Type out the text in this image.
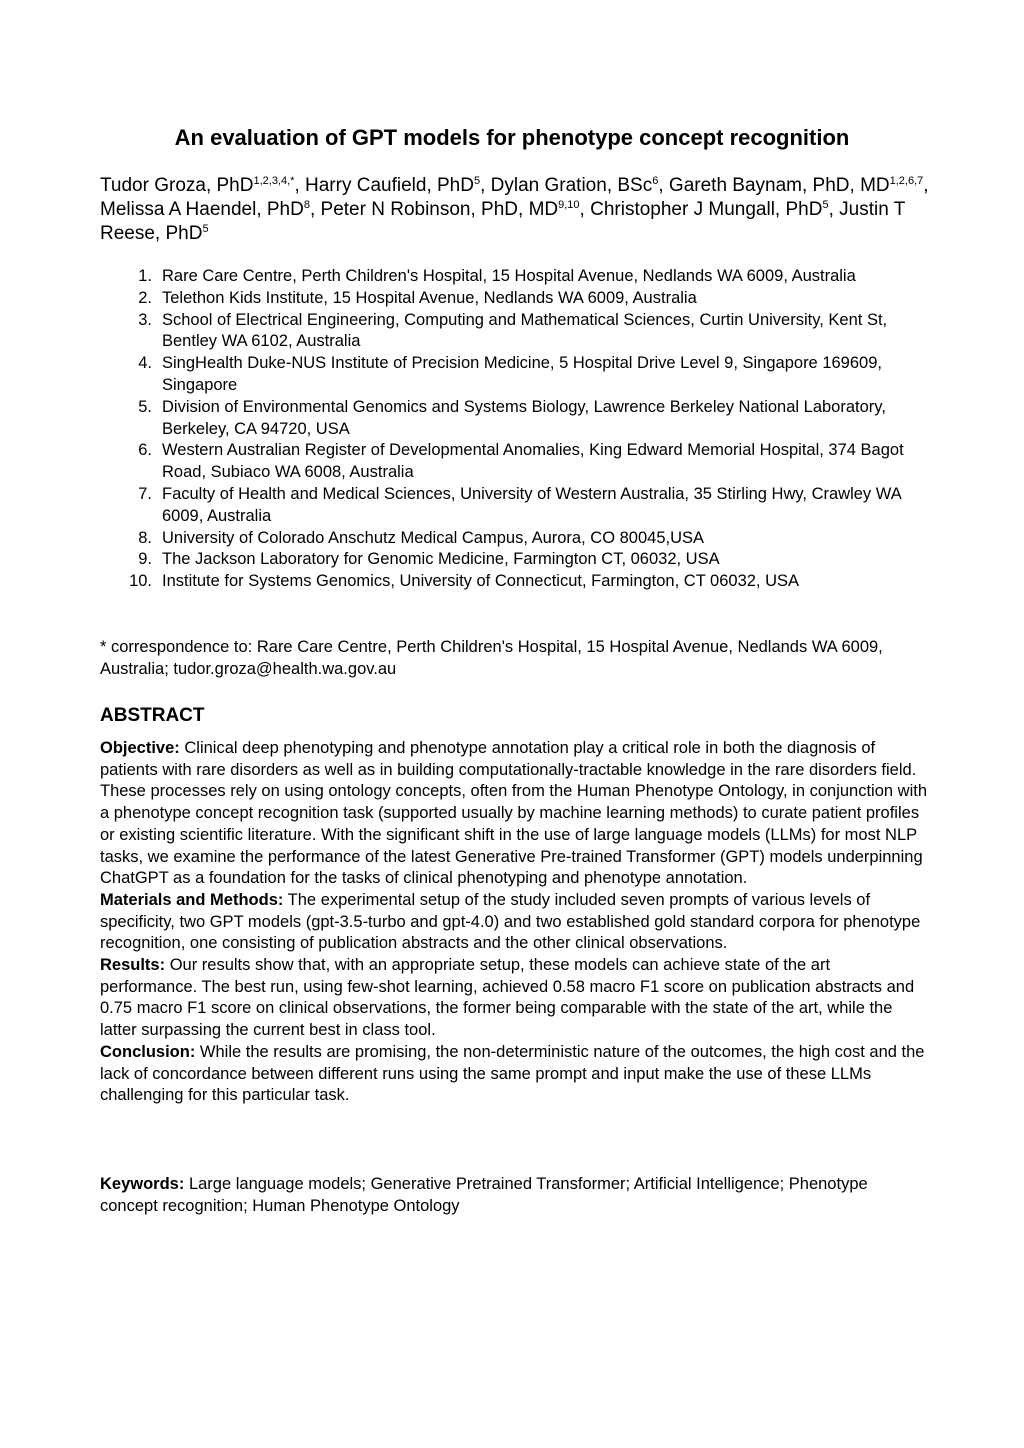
An evaluation of GPT models for phenotype concept recognition

Tudor Groza, PhD$^{1,2,3,4,*}$, Harry Caufield, PhD$^5$, Dylan Gration, BSc$^6$, Gareth Baynam, PhD, MD$^{1,2,6,7}$, Melissa A Haendel, PhD$^8$, Peter N Robinson, PhD, MD$^{9,10}$, Christopher J Mungall, PhD$^5$, Justin T Reese, PhD$^5$

1. Rare Care Centre, Perth Children's Hospital, 15 Hospital Avenue, Nedlands WA 6009, Australia
2. Telethon Kids Institute, 15 Hospital Avenue, Nedlands WA 6009, Australia
3. School of Electrical Engineering, Computing and Mathematical Sciences, Curtin University, Kent St, Bentley WA 6102, Australia
4. SingHealth Duke-NUS Institute of Precision Medicine, 5 Hospital Drive Level 9, Singapore 169609, Singapore
5. Division of Environmental Genomics and Systems Biology, Lawrence Berkeley National Laboratory, Berkeley, CA 94720, USA
6. Western Australian Register of Developmental Anomalies, King Edward Memorial Hospital, 374 Bagot Road, Subiaco WA 6008, Australia
7. Faculty of Health and Medical Sciences, University of Western Australia, 35 Stirling Hwy, Crawley WA 6009, Australia
8. University of Colorado Anschutz Medical Campus, Aurora, CO 80045,USA
9. The Jackson Laboratory for Genomic Medicine, Farmington CT, 06032, USA
10. Institute for Systems Genomics, University of Connecticut, Farmington, CT 06032, USA

* correspondence to: Rare Care Centre, Perth Children's Hospital, 15 Hospital Avenue, Nedlands WA 6009, Australia; tudor.groza@health.wa.gov.au

ABSTRACT

Objective: Clinical deep phenotyping and phenotype annotation play a critical role in both the diagnosis of patients with rare disorders as well as in building computationally-tractable knowledge in the rare disorders field. These processes rely on using ontology concepts, often from the Human Phenotype Ontology, in conjunction with a phenotype concept recognition task (supported usually by machine learning methods) to curate patient profiles or existing scientific literature. With the significant shift in the use of large language models (LLMs) for most NLP tasks, we examine the performance of the latest Generative Pre-trained Transformer (GPT) models underpinning ChatGPT as a foundation for the tasks of clinical phenotyping and phenotype annotation.

Materials and Methods: The experimental setup of the study included seven prompts of various levels of specificity, two GPT models (gpt-3.5-turbo and gpt-4.0) and two established gold standard corpora for phenotype recognition, one consisting of publication abstracts and the other clinical observations.

Results: Our results show that, with an appropriate setup, these models can achieve state of the art performance. The best run, using few-shot learning, achieved 0.58 macro F1 score on publication abstracts and 0.75 macro F1 score on clinical observations, the former being comparable with the state of the art, while the latter surpassing the current best in class tool.

Conclusion: While the results are promising, the non-deterministic nature of the outcomes, the high cost and the lack of concordance between different runs using the same prompt and input make the use of these LLMs challenging for this particular task.

Keywords: Large language models; Generative Pretrained Transformer; Artificial Intelligence; Phenotype concept recognition; Human Phenotype Ontology
